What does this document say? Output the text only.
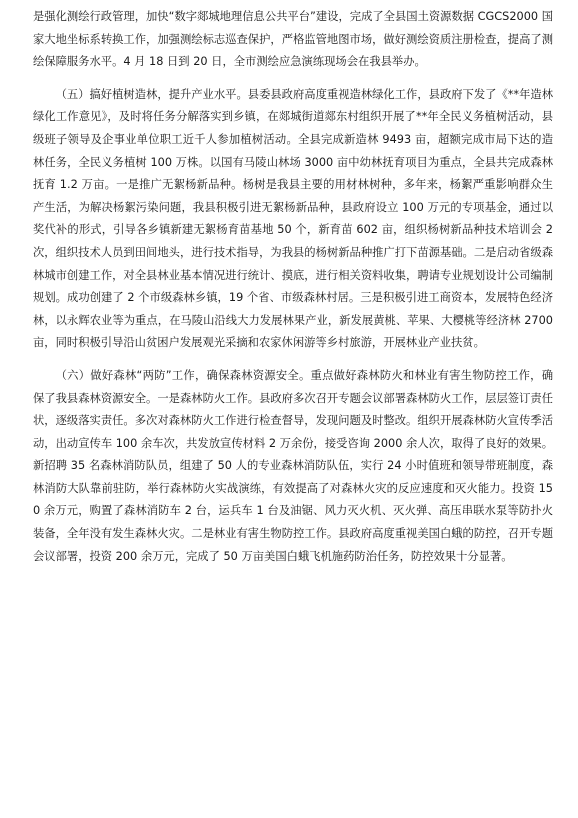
是强化测绘行政管理，加快“数字郯城地理信息公共平台”建设，完成了全县国土资源数据 CGCS2000 国家大地坐标系转换工作，加强测绘标志巡查保护，严格监管地图市场，做好测绘资质注册检查，提高了测绘保障服务水平。4 月 18 日到 20 日，全市测绘应急演练现场会在我县举办。

（五）搞好植树造林，提升产业水平。县委县政府高度重视造林绿化工作，县政府下发了《**年造林绿化工作意见》，及时将任务分解落实到乡镇，在郯城街道郯东村组织开展了**年全民义务植树活动，县级班子领导及企事业单位职工近千人参加植树活动。全县完成新造林 9493 亩，超额完成市局下达的造林任务，全民义务植树 100 万株。以国有马陵山林场 3000 亩中幼林抚育项目为重点，全县共完成森林抚育 1.2 万亩。一是推广无絮杨新品种。杨树是我县主要的用材林树种，多年来，杨絮严重影响群众生产生活，为解决杨絮污染问题，我县积极引进无絮杨新品种，县政府设立 100 万元的专项基金，通过以奖代补的形式，引导各乡镇新建无絮杨育苗基地 50 个，新育苗 602 亩，组织杨树新品种技术培训会 2 次，组织技术人员到田间地头，进行技术指导，为我县的杨树新品种推广打下苗源基础。二是启动省级森林城市创建工作，对全县林业基本情况进行统计、摸底，进行相关资料收集，聘请专业规划设计公司编制规划。成功创建了 2 个市级森林乡镇，19 个省、市级森林村居。三是积极引进工商资本，发展特色经济林，以永辉农业等为重点，在马陵山沿线大力发展林果产业，新发展黄桃、苹果、大樱桃等经济林 2700 亩，同时积极引导沿山贫困户发展观光采摘和农家休闲游等乡村旅游，开展林业产业扶贫。

（六）做好森林“两防”工作，确保森林资源安全。重点做好森林防火和林业有害生物防控工作，确保了我县森林资源安全。一是森林防火工作。县政府多次召开专题会议部署森林防火工作，层层签订责任状，逐级落实责任。多次对森林防火工作进行检查督导，发现问题及时整改。组织开展森林防火宣传季活动，出动宣传车 100 余车次，共发放宣传材料 2 万余份，接受咨询 2000 余人次，取得了良好的效果。新招聘 35 名森林消防队员，组建了 50 人的专业森林消防队伍，实行 24 小时值班和领导带班制度，森林消防大队靠前驻防，举行森林防火实战演练，有效提高了对森林火灾的反应速度和灭火能力。投资 150 余万元，购置了森林消防车 2 台，运兵车 1 台及油锯、风力灭火机、灭火弹、高压串联水泵等防扑火装备，全年没有发生森林火灾。二是林业有害生物防控工作。县政府高度重视美国白蛾的防控，召开专题会议部署，投资 200 余万元，完成了 50 万亩美国白蛾飞机施药防治任务，防控效果十分显著。
